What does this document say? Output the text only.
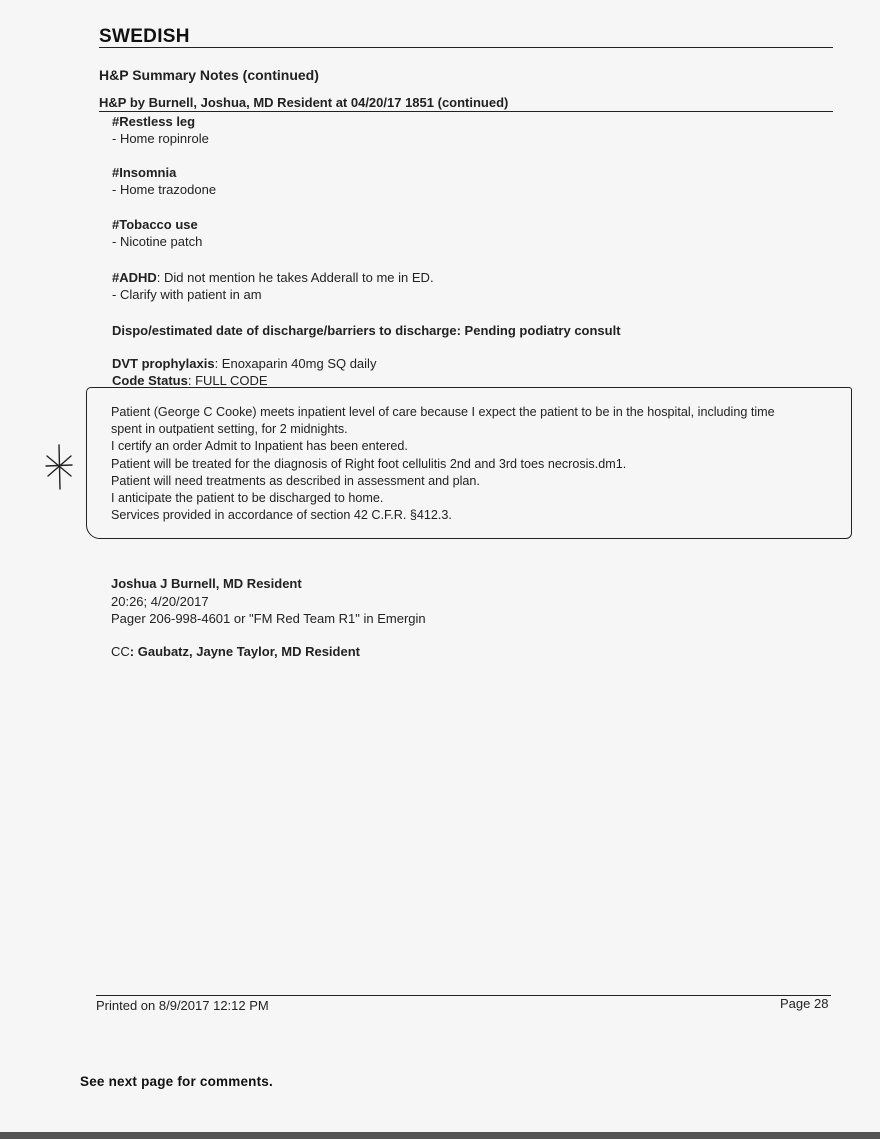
SWEDISH
H&P Summary Notes (continued)
H&P by Burnell, Joshua, MD Resident at 04/20/17 1851 (continued)
#Restless leg
- Home ropinrole
#Insomnia
- Home trazodone
#Tobacco use
- Nicotine patch
#ADHD: Did not mention he takes Adderall to me in ED.
- Clarify with patient in am
Dispo/estimated date of discharge/barriers to discharge: Pending podiatry consult
DVT prophylaxis: Enoxaparin 40mg SQ daily
Code Status: FULL CODE
Patient (George C Cooke) meets inpatient level of care because I expect the patient to be in the hospital, including time
spent in outpatient setting, for 2 midnights.
I certify an order Admit to Inpatient has been entered.
Patient will be treated for the diagnosis of Right foot cellulitis 2nd and 3rd toes necrosis.dm1.
Patient will need treatments as described in assessment and plan.
I anticipate the patient to be discharged to home.
Services provided in accordance of section 42 C.F.R. §412.3.
Joshua J Burnell, MD Resident
20:26; 4/20/2017
Pager 206-998-4601 or "FM Red Team R1" in Emergin
CC: Gaubatz, Jayne Taylor, MD Resident
Printed on 8/9/2017 12:12 PM	Page 28
See next page for comments.
